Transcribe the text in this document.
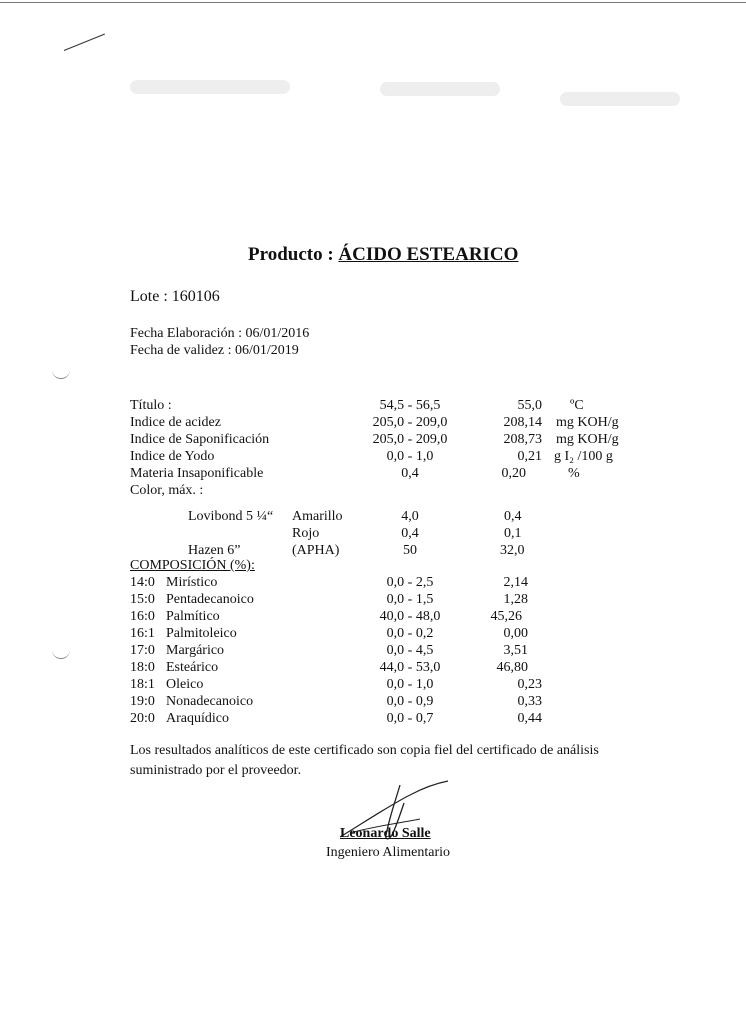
Producto : ÁCIDO ESTEARICO
Lote : 160106
Fecha Elaboración : 06/01/2016
Fecha de validez : 06/01/2019
Título :	54,5 - 56,5	55,0 ºC
Indice de acidez	205,0 - 209,0	208,14 mg KOH/g
Indice de Saponificación	205,0 - 209,0	208,73 mg KOH/g
Indice de Yodo	0,0 - 1,0	0,21 g I₂ /100 g
Materia Insaponificable	0,4	0,20	%
Color, máx. :
Lovibond 5 ¼“ Amarillo	4,0	0,4
Rojo	0,4	0,1
Hazen 6”	(APHA)	50	32,0
COMPOSICIÓN (%):
14:0 Mirístico	0,0 - 2,5	2,14
15:0 Pentadecanoico	0,0 - 1,5	1,28
16:0 Palmítico	40,0 - 48,0	45,26
16:1 Palmitoleico	0,0 - 0,2	0,00
17:0 Margárico	0,0 - 4,5	3,51
18:0 Esteárico	44,0 - 53,0	46,80
18:1 Oleico	0,0 - 1,0	0,23
19:0 Nonadecanoico	0,0 - 0,9	0,33
20:0 Araquídico	0,0 - 0,7	0,44
Los resultados analíticos de este certificado son copia fiel del certificado de análisis suministrado por el proveedor.
Leonardo Salle
Ingeniero Alimentario
